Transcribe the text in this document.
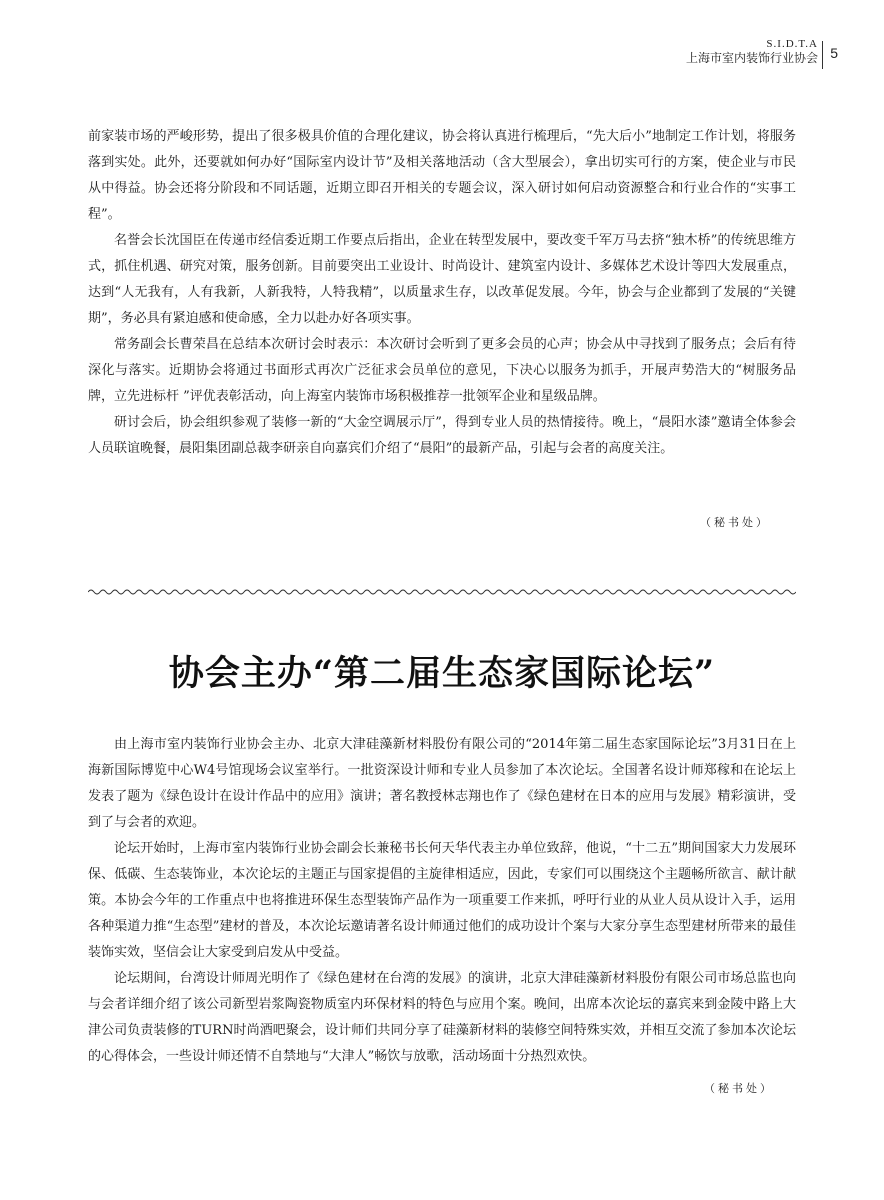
S.I.D.T.A
上海市室内装饰行业协会 5

前家装市场的严峻形势，提出了很多极具价值的合理化建议，协会将认真进行梳理后，“先大后小”地制定工作计划，将服务落到实处。此外，还要就如何办好“国际室内设计节”及相关落地活动（含大型展会），拿出切实可行的方案，使企业与市民从中得益。协会还将分阶段和不同话题，近期立即召开相关的专题会议，深入研讨如何启动资源整合和行业合作的“实事工程”。

名誉会长沈国臣在传递市经信委近期工作要点后指出，企业在转型发展中，要改变千军万马去挤“独木桥”的传统思维方式，抓住机遇、研究对策，服务创新。目前要突出工业设计、时尚设计、建筑室内设计、多媒体艺术设计等四大发展重点，达到“人无我有，人有我新，人新我特，人特我精”，以质量求生存，以改革促发展。今年，协会与企业都到了发展的“关键期”，务必具有紧迫感和使命感，全力以赴办好各项实事。

常务副会长曹荣昌在总结本次研讨会时表示：本次研讨会听到了更多会员的心声；协会从中寻找到了服务点；会后有待深化与落实。近期协会将通过书面形式再次广泛征求会员单位的意见，下决心以服务为抓手，开展声势浩大的“树服务品牌，立先进标杆 ”评优表彰活动，向上海室内装饰市场积极推荐一批领军企业和星级品牌。

研讨会后，协会组织参观了装修一新的“大金空调展示厅”，得到专业人员的热情接待。晚上，“晨阳水漆”邀请全体参会人员联谊晚餐，晨阳集团副总裁李研亲自向嘉宾们介绍了“晨阳”的最新产品，引起与会者的高度关注。

（秘书处）
协会主办“第二届生态家国际论坛”

由上海市室内装饰行业协会主办、北京大津硅藻新材料股份有限公司的“2014年第二届生态家国际论坛”3月31日在上海新国际博览中心W4号馆现场会议室举行。一批资深设计师和专业人员参加了本次论坛。全国著名设计师郑稼和在论坛上发表了题为《绿色设计在设计作品中的应用》演讲；著名教授林志翔也作了《绿色建材在日本的应用与发展》精彩演讲，受到了与会者的欢迎。

论坛开始时，上海市室内装饰行业协会副会长兼秘书长何天华代表主办单位致辞，他说，“十二五”期间国家大力发展环保、低碳、生态装饰业，本次论坛的主题正与国家提倡的主旋律相适应，因此，专家们可以围绕这个主题畅所欲言、献计献策。本协会今年的工作重点中也将推进环保生态型装饰产品作为一项重要工作来抓，呼吁行业的从业人员从设计入手，运用各种渠道力推“生态型”建材的普及，本次论坛邀请著名设计师通过他们的成功设计个案与大家分享生态型建材所带来的最佳装饰实效，坚信会让大家受到启发从中受益。

论坛期间，台湾设计师周光明作了《绿色建材在台湾的发展》的演讲，北京大津硅藻新材料股份有限公司市场总监也向与会者详细介绍了该公司新型岩浆陶瓷物质室内环保材料的特色与应用个案。晚间，出席本次论坛的嘉宾来到金陵中路上大津公司负责装修的TURN时尚酒吧聚会，设计师们共同分享了硅藻新材料的装修空间特殊实效，并相互交流了参加本次论坛的心得体会，一些设计师还情不自禁地与“大津人”畅饮与放歌，活动场面十分热烈欢快。

（秘书处）
